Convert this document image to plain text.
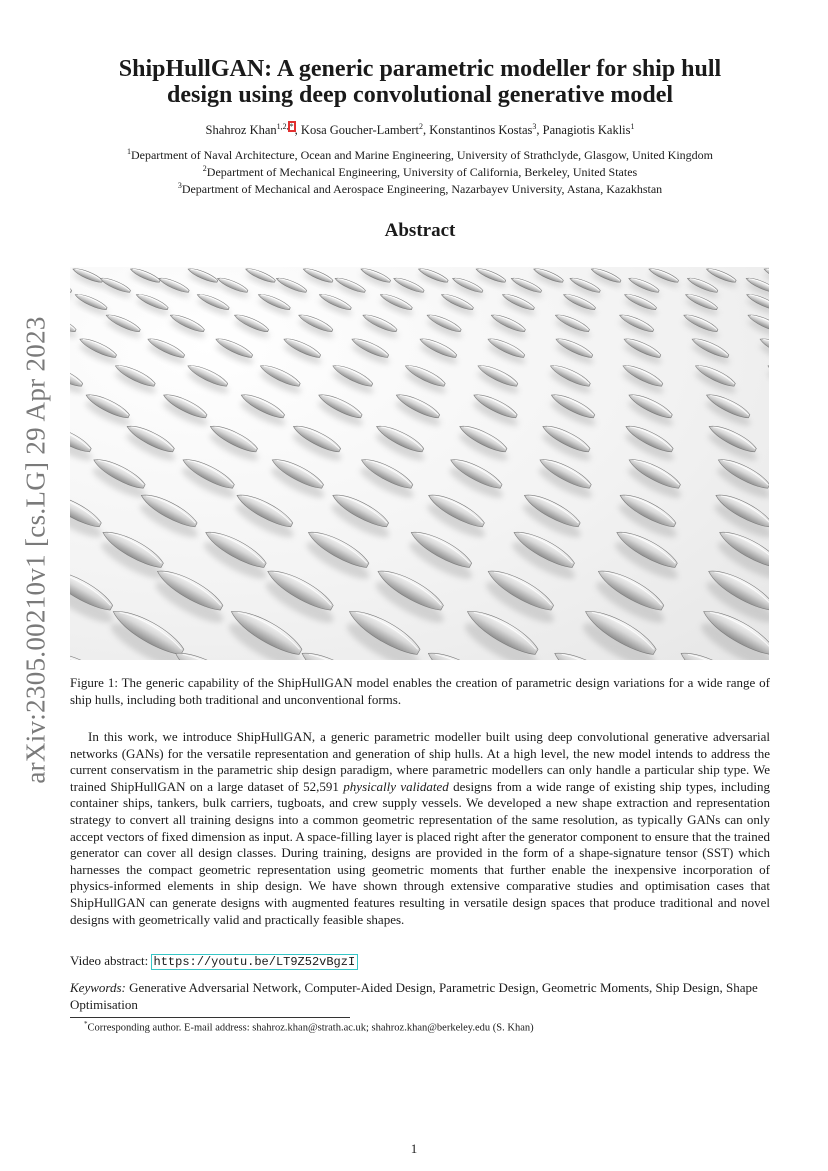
arXiv:2305.00210v1 [cs.LG] 29 Apr 2023
ShipHullGAN: A generic parametric modeller for ship hull
design using deep convolutional generative model
Shahroz Khan$^{1,2,*}$, Kosa Goucher-Lambert$^2$, Konstantinos Kostas$^3$, Panagiotis Kaklis$^1$
$^1$Department of Naval Architecture, Ocean and Marine Engineering, University of Strathclyde, Glasgow, United Kingdom
$^2$Department of Mechanical Engineering, University of California, Berkeley, United States
$^3$Department of Mechanical and Aerospace Engineering, Nazarbayev University, Astana, Kazakhstan
Abstract
Figure 1: The generic capability of the ShipHullGAN model enables the creation of parametric design variations for a wide range of ship hulls, including both traditional and unconventional forms.
In this work, we introduce ShipHullGAN, a generic parametric modeller built using deep convolutional generative adversarial networks (GANs) for the versatile representation and generation of ship hulls. At a high level, the new model intends to address the current conservatism in the parametric ship design paradigm, where parametric modellers can only handle a particular ship type. We trained ShipHullGAN on a large dataset of 52,591 physically validated designs from a wide range of existing ship types, including container ships, tankers, bulk carriers, tugboats, and crew supply vessels. We developed a new shape extraction and representation strategy to convert all training designs into a common geometric representation of the same resolution, as typically GANs can only accept vectors of fixed dimension as input. A space-filling layer is placed right after the generator component to ensure that the trained generator can cover all design classes. During training, designs are provided in the form of a shape-signature tensor (SST) which harnesses the compact geometric representation using geometric moments that further enable the inexpensive incorporation of physics-informed elements in ship design. We have shown through extensive comparative studies and optimisation cases that ShipHullGAN can generate designs with augmented features resulting in versatile design spaces that produce traditional and novel designs with geometrically valid and practically feasible shapes.
Video abstract: https://youtu.be/LT9Z52vBgzI
Keywords: Generative Adversarial Network, Computer-Aided Design, Parametric Design, Geometric Moments, Ship Design, Shape Optimisation
*Corresponding author. E-mail address: shahroz.khan@strath.ac.uk; shahroz.khan@berkeley.edu (S. Khan)
1
